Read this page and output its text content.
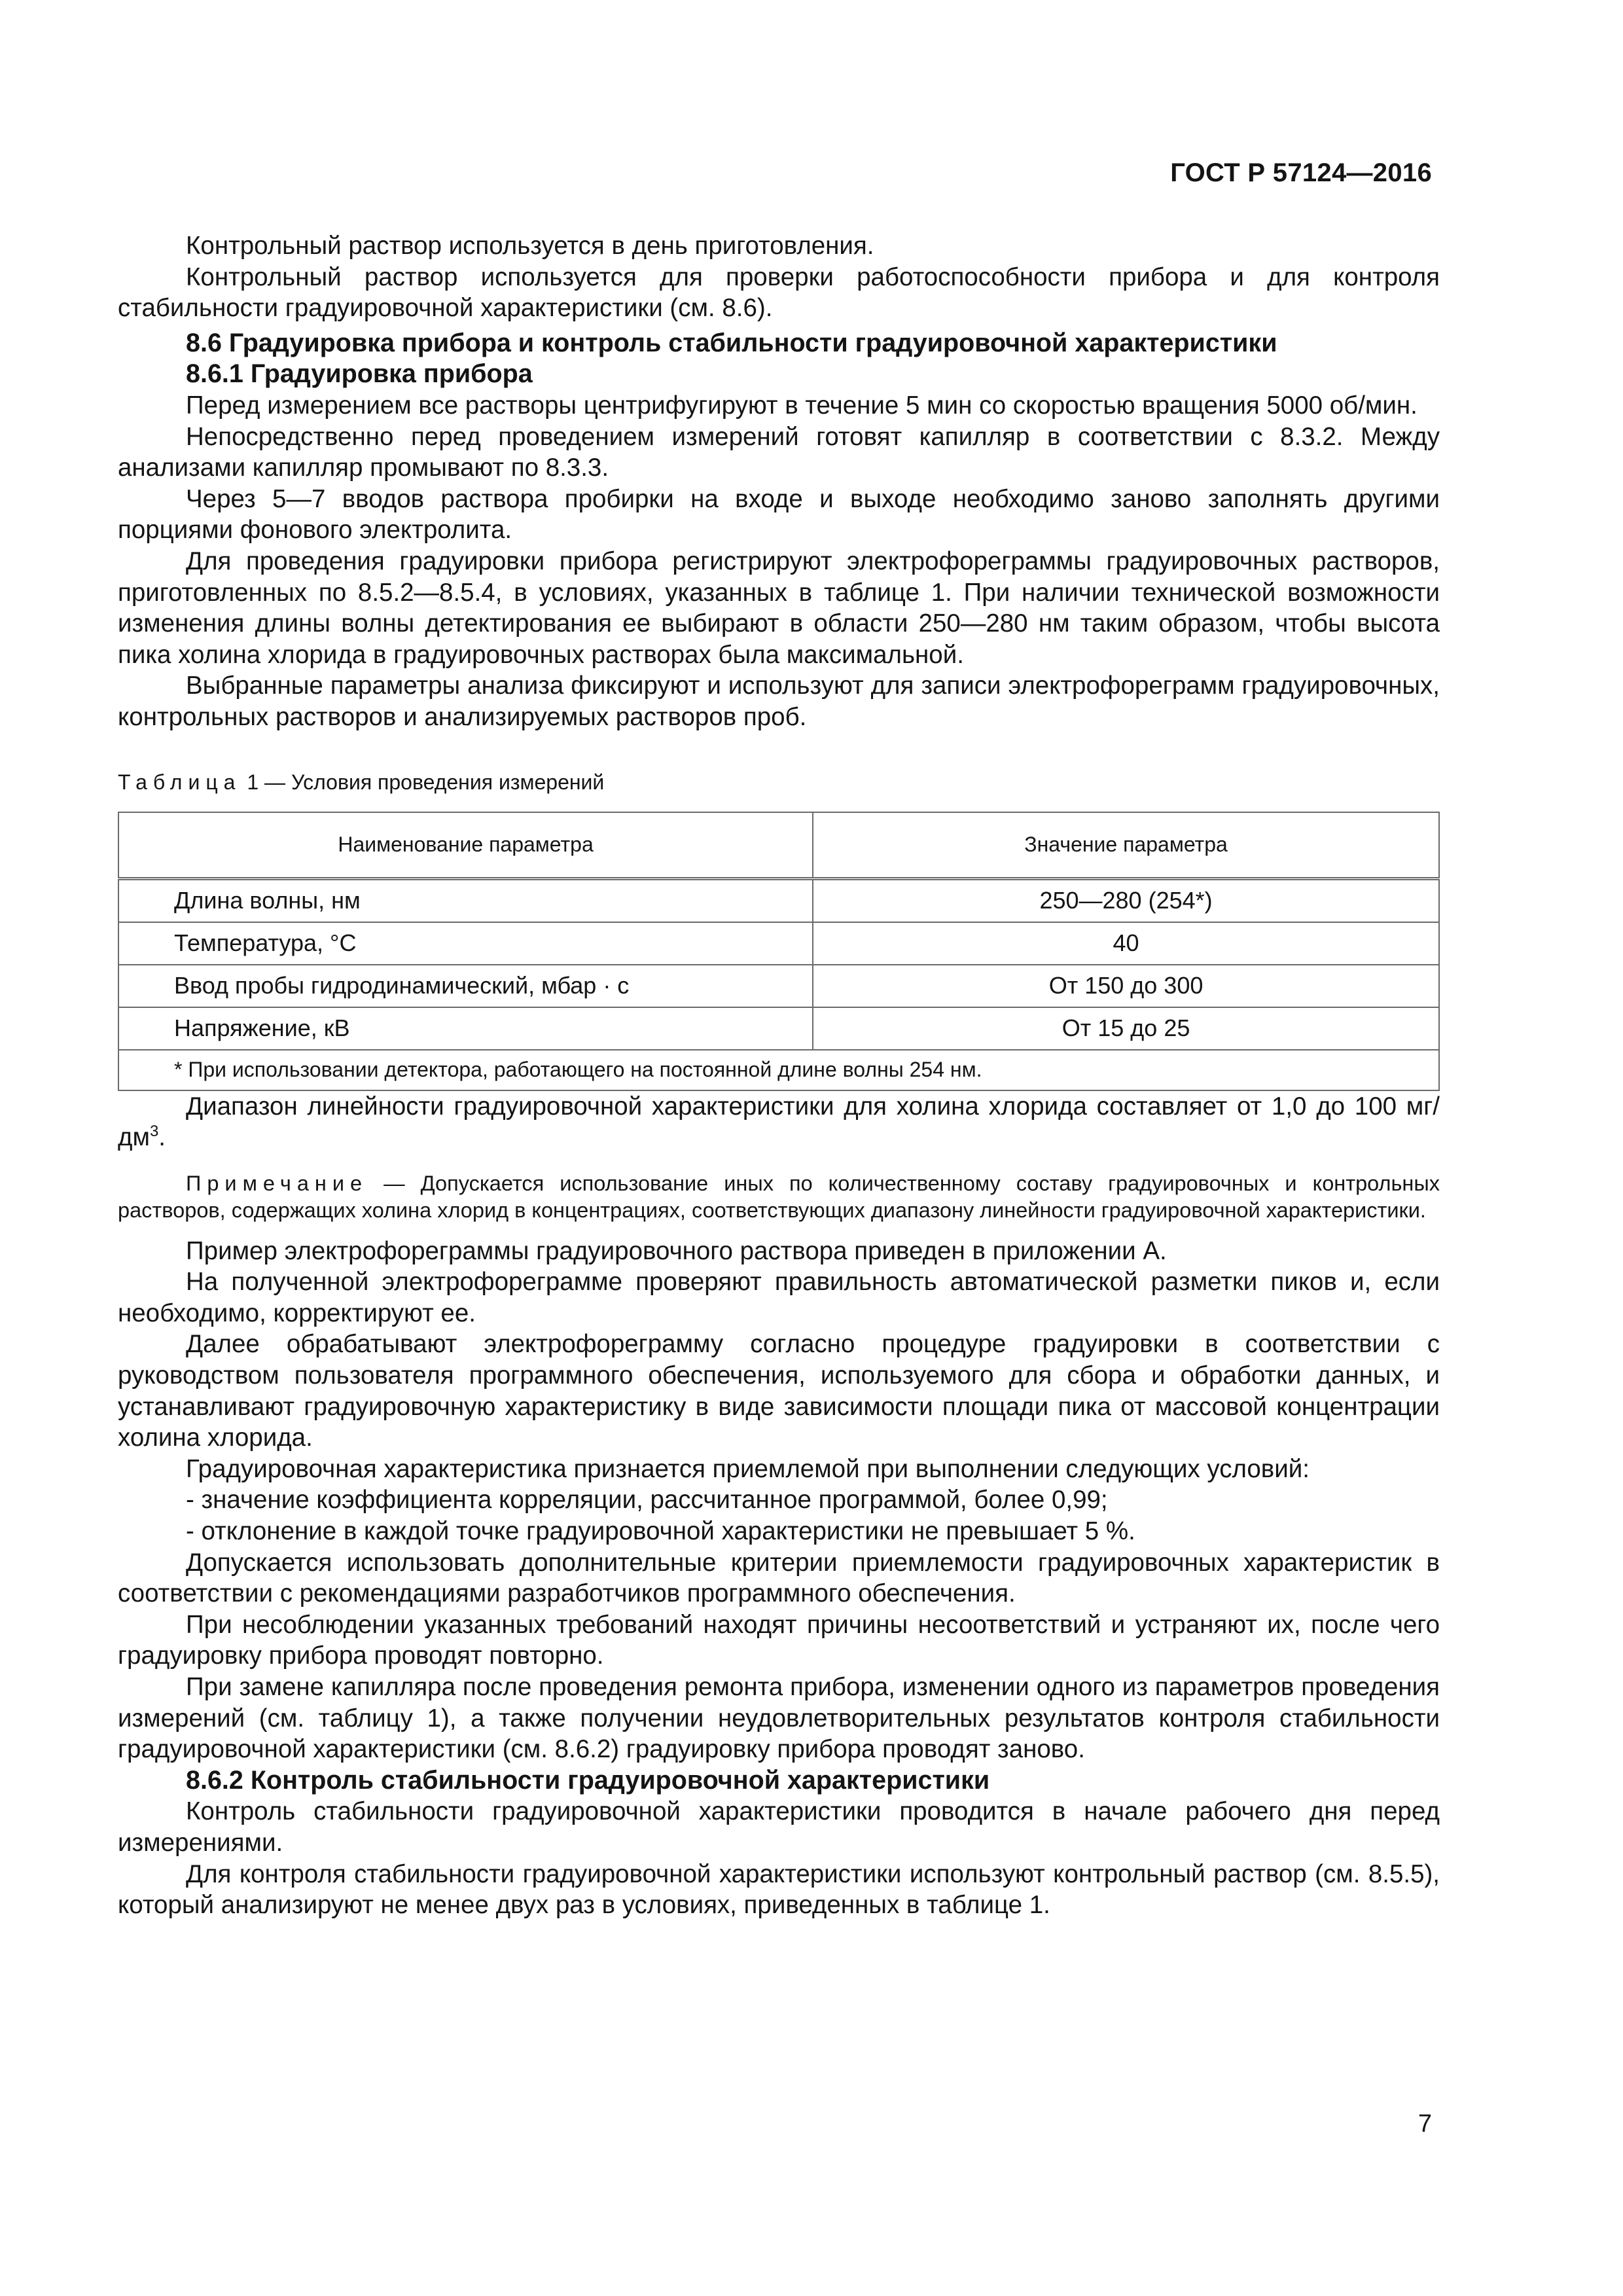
ГОСТ Р 57124—2016

Контрольный раствор используется в день приготовления.

Контрольный раствор используется для проверки работоспособности прибора и для контроля стабильности градуировочной характеристики (см. 8.6).

8.6 Градуировка прибора и контроль стабильности градуировочной характеристики

8.6.1 Градуировка прибора

Перед измерением все растворы центрифугируют в течение 5 мин со скоростью вращения 5000 об/мин.

Непосредственно перед проведением измерений готовят капилляр в соответствии с 8.3.2. Между анализами капилляр промывают по 8.3.3.

Через 5—7 вводов раствора пробирки на входе и выходе необходимо заново заполнять другими порциями фонового электролита.

Для проведения градуировки прибора регистрируют электрофореграммы градуировочных растворов, приготовленных по 8.5.2—8.5.4, в условиях, указанных в таблице 1. При наличии технической возможности изменения длины волны детектирования ее выбирают в области 250—280 нм таким образом, чтобы высота пика холина хлорида в градуировочных растворах была максимальной.

Выбранные параметры анализа фиксируют и используют для записи электрофореграмм градуировочных, контрольных растворов и анализируемых растворов проб.

Таблица 1 — Условия проведения измерений
Наименование параметра	Значение параметра
Длина волны, нм	250—280 (254*)
Температура, °С	40
Ввод пробы гидродинамический, мбар · с	От 150 до 300
Напряжение, кВ	От 15 до 25
* При использовании детектора, работающего на постоянной длине волны 254 нм.	

Диапазон линейности градуировочной характеристики для холина хлорида составляет от 1,0 до 100 $мг/дм^3$.

Примечание — Допускается использование иных по количественному составу градуировочных и контрольных растворов, содержащих холина хлорид в концентрациях, соответствующих диапазону линейности градуировочной характеристики.

Пример электрофореграммы градуировочного раствора приведен в приложении А.

На полученной электрофореграмме проверяют правильность автоматической разметки пиков и, если необходимо, корректируют ее.

Далее обрабатывают электрофореграмму согласно процедуре градуировки в соответствии с руководством пользователя программного обеспечения, используемого для сбора и обработки данных, и устанавливают градуировочную характеристику в виде зависимости площади пика от массовой концентрации холина хлорида.

Градуировочная характеристика признается приемлемой при выполнении следующих условий:

- значение коэффициента корреляции, рассчитанное программой, более 0,99;

- отклонение в каждой точке градуировочной характеристики не превышает 5 %.

Допускается использовать дополнительные критерии приемлемости градуировочных характеристик в соответствии с рекомендациями разработчиков программного обеспечения.

При несоблюдении указанных требований находят причины несоответствий и устраняют их, после чего градуировку прибора проводят повторно.

При замене капилляра после проведения ремонта прибора, изменении одного из параметров проведения измерений (см. таблицу 1), а также получении неудовлетворительных результатов контроля стабильности градуировочной характеристики (см. 8.6.2) градуировку прибора проводят заново.

8.6.2 Контроль стабильности градуировочной характеристики

Контроль стабильности градуировочной характеристики проводится в начале рабочего дня перед измерениями.

Для контроля стабильности градуировочной характеристики используют контрольный раствор (см. 8.5.5), который анализируют не менее двух раз в условиях, приведенных в таблице 1.

7
